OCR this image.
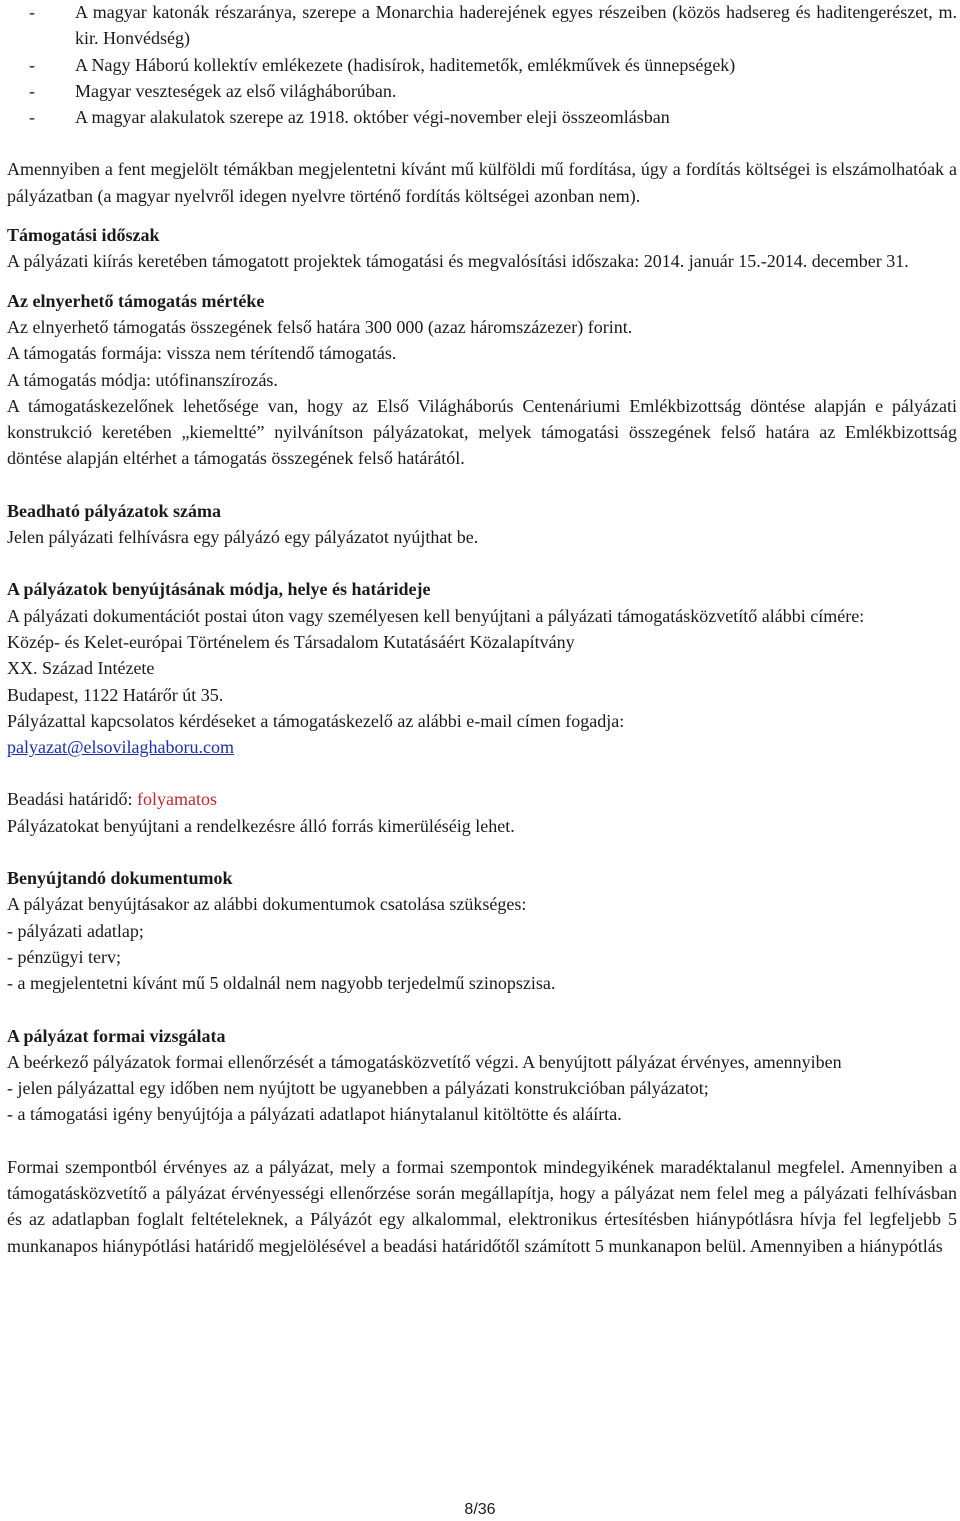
-	A magyar katonák részaránya, szerepe a Monarchia haderejének egyes részeiben (közös hadsereg és haditengerészet, m. kir. Honvédség)
-	A Nagy Háború kollektív emlékezete (hadisírok, haditemetők, emlékművek és ünnepségek)
-	Magyar veszteségek az első világháborúban.
-	A magyar alakulatok szerepe az 1918. október végi-november eleji összeomlásban

Amennyiben a fent megjelölt témákban megjelentetni kívánt mű külföldi mű fordítása, úgy a fordítás költségei is elszámolhatóak a pályázatban (a magyar nyelvről idegen nyelvre történő fordítás költségei azonban nem).

Támogatási időszak

A pályázati kiírás keretében támogatott projektek támogatási és megvalósítási időszaka: 2014. január 15.-2014. december 31.

Az elnyerhető támogatás mértéke

Az elnyerhető támogatás összegének felső határa 300 000 (azaz háromszázezer) forint.

A támogatás formája: vissza nem térítendő támogatás.

A támogatás módja: utófinanszírozás.

A támogatáskezelőnek lehetősége van, hogy az Első Világháborús Centenáriumi Emlékbizottság döntése alapján e pályázati konstrukció keretében „kiemeltté” nyilvánítson pályázatokat, melyek támogatási összegének felső határa az Emlékbizottság döntése alapján eltérhet a támogatás összegének felső határától.

Beadható pályázatok száma

Jelen pályázati felhívásra egy pályázó egy pályázatot nyújthat be.

A pályázatok benyújtásának módja, helye és határideje

A pályázati dokumentációt postai úton vagy személyesen kell benyújtani a pályázati támogatásközvetítő alábbi címére:

Közép- és Kelet-európai Történelem és Társadalom Kutatásáért Közalapítvány

XX. Század Intézete

Budapest, 1122 Határőr út 35.

Pályázattal kapcsolatos kérdéseket a támogatáskezelő az alábbi e-mail címen fogadja:

palyazat@elsovilaghaboru.com

Beadási határidő: folyamatos

Pályázatokat benyújtani a rendelkezésre álló forrás kimerüléséig lehet.

Benyújtandó dokumentumok

A pályázat benyújtásakor az alábbi dokumentumok csatolása szükséges:

- pályázati adatlap;

- pénzügyi terv;

- a megjelentetni kívánt mű 5 oldalnál nem nagyobb terjedelmű szinopszisa.

A pályázat formai vizsgálata

A beérkező pályázatok formai ellenőrzését a támogatásközvetítő végzi. A benyújtott pályázat érvényes, amennyiben

- jelen pályázattal egy időben nem nyújtott be ugyanebben a pályázati konstrukcióban pályázatot;

- a támogatási igény benyújtója a pályázati adatlapot hiánytalanul kitöltötte és aláírta.

Formai szempontból érvényes az a pályázat, mely a formai szempontok mindegyikének maradéktalanul megfelel. Amennyiben a támogatásközvetítő a pályázat érvényességi ellenőrzése során megállapítja, hogy a pályázat nem felel meg a pályázati felhívásban és az adatlapban foglalt feltételeknek, a Pályázót egy alkalommal, elektronikus értesítésben hiánypótlásra hívja fel legfeljebb 5 munkanapos hiánypótlási határidő megjelölésével a beadási határidőtől számított 5 munkanapon belül. Amennyiben a hiánypótlás

8/36
